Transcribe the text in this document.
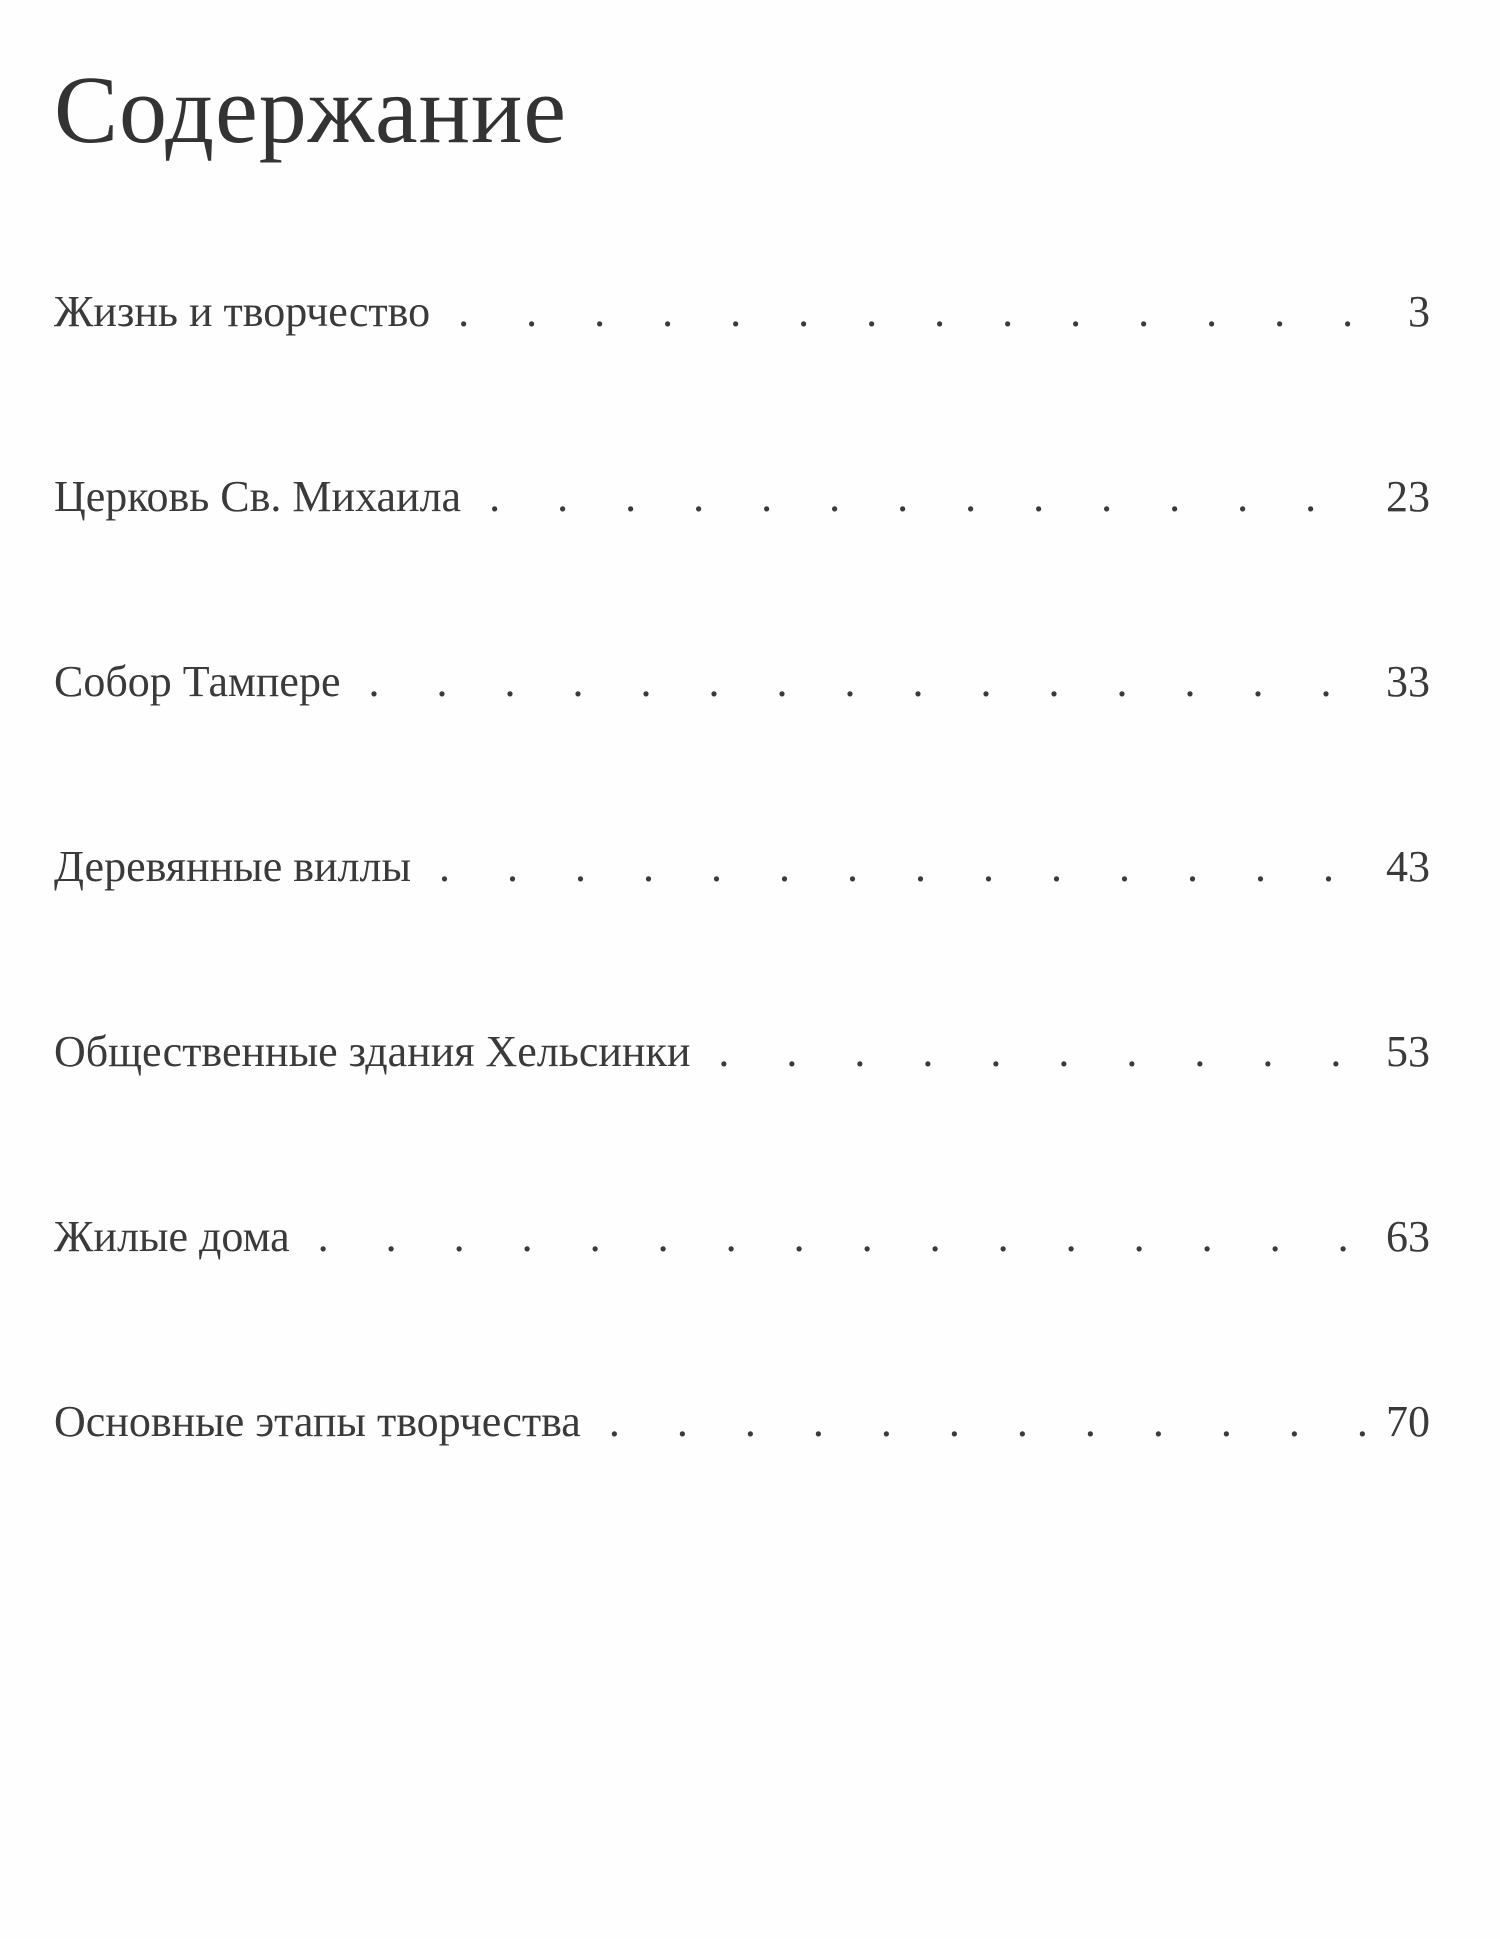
Содержание
Жизнь и творчество . . .	3
Церковь Св. Михаила . . .	23
Собор Тампере . . .	33
Деревянные виллы . . .	43
Общественные здания Хельсинки . . .	53
Жилые дома . . .	63
Основные этапы творчества . . .	70
